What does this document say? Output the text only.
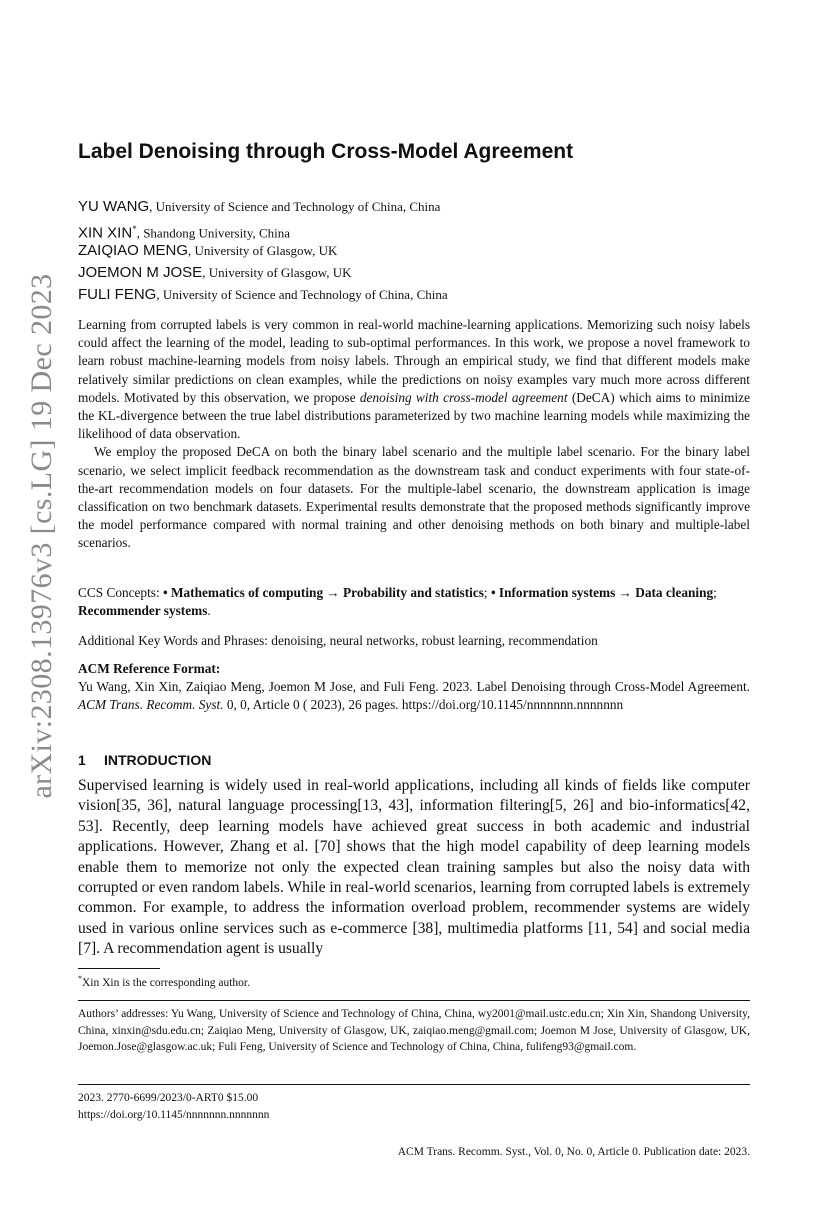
arXiv:2308.13976v3 [cs.LG] 19 Dec 2023
Label Denoising through Cross-Model Agreement
YU WANG, University of Science and Technology of China, China
XIN XIN*, Shandong University, China
ZAIQIAO MENG, University of Glasgow, UK
JOEMON M JOSE, University of Glasgow, UK
FULI FENG, University of Science and Technology of China, China

Learning from corrupted labels is very common in real-world machine-learning applications. Memorizing such noisy labels could affect the learning of the model, leading to sub-optimal performances. In this work, we propose a novel framework to learn robust machine-learning models from noisy labels. Through an empirical study, we find that different models make relatively similar predictions on clean examples, while the predictions on noisy examples vary much more across different models. Motivated by this observation, we propose denoising with cross-model agreement (DeCA) which aims to minimize the KL-divergence between the true label distributions parameterized by two machine learning models while maximizing the likelihood of data observation.

We employ the proposed DeCA on both the binary label scenario and the multiple label scenario. For the binary label scenario, we select implicit feedback recommendation as the downstream task and conduct experiments with four state-of-the-art recommendation models on four datasets. For the multiple-label scenario, the downstream application is image classification on two benchmark datasets. Experimental results demonstrate that the proposed methods significantly improve the model performance compared with normal training and other denoising methods on both binary and multiple-label scenarios.

CCS Concepts: • Mathematics of computing → Probability and statistics; • Information systems → Data cleaning; Recommender systems.
Additional Key Words and Phrases: denoising, neural networks, robust learning, recommendation
ACM Reference Format:
Yu Wang, Xin Xin, Zaiqiao Meng, Joemon M Jose, and Fuli Feng. 2023. Label Denoising through Cross-Model Agreement. ACM Trans. Recomm. Syst. 0, 0, Article 0 ( 2023), 26 pages. https://doi.org/10.1145/nnnnnnn.nnnnnnn
1 INTRODUCTION
Supervised learning is widely used in real-world applications, including all kinds of fields like computer vision[35, 36], natural language processing[13, 43], information filtering[5, 26] and bio-informatics[42, 53]. Recently, deep learning models have achieved great success in both academic and industrial applications. However, Zhang et al. [70] shows that the high model capability of deep learning models enable them to memorize not only the expected clean training samples but also the noisy data with corrupted or even random labels. While in real-world scenarios, learning from corrupted labels is extremely common. For example, to address the information overload problem, recommender systems are widely used in various online services such as e-commerce [38], multimedia platforms [11, 54] and social media [7]. A recommendation agent is usually
*Xin Xin is the corresponding author.
Authors’ addresses: Yu Wang, University of Science and Technology of China, China, wy2001@mail.ustc.edu.cn; Xin Xin, Shandong University, China, xinxin@sdu.edu.cn; Zaiqiao Meng, University of Glasgow, UK, zaiqiao.meng@gmail.com; Joemon M Jose, University of Glasgow, UK, Joemon.Jose@glasgow.ac.uk; Fuli Feng, University of Science and Technology of China, China, fulifeng93@gmail.com.
2023. 2770-6699/2023/0-ART0 $15.00
https://doi.org/10.1145/nnnnnnn.nnnnnnn
ACM Trans. Recomm. Syst., Vol. 0, No. 0, Article 0. Publication date: 2023.
